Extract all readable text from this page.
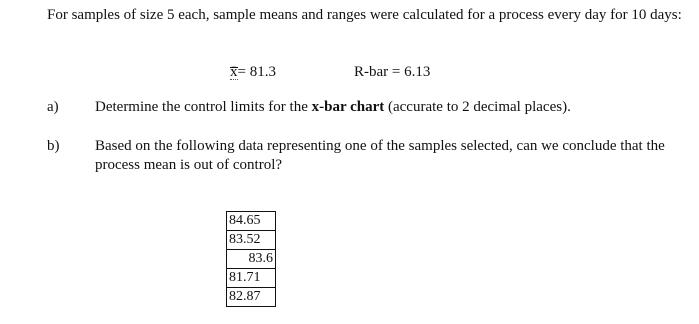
For samples of size 5 each, sample means and ranges were calculated for a process every day for 10 days:
x̄= 81.3	R-bar = 6.13
a) Determine the control limits for the x-bar chart (accurate to 2 decimal places).
b) Based on the following data representing one of the samples selected, can we conclude that the process mean is out of control?
84.65
83.52
83.6
81.71
82.87
